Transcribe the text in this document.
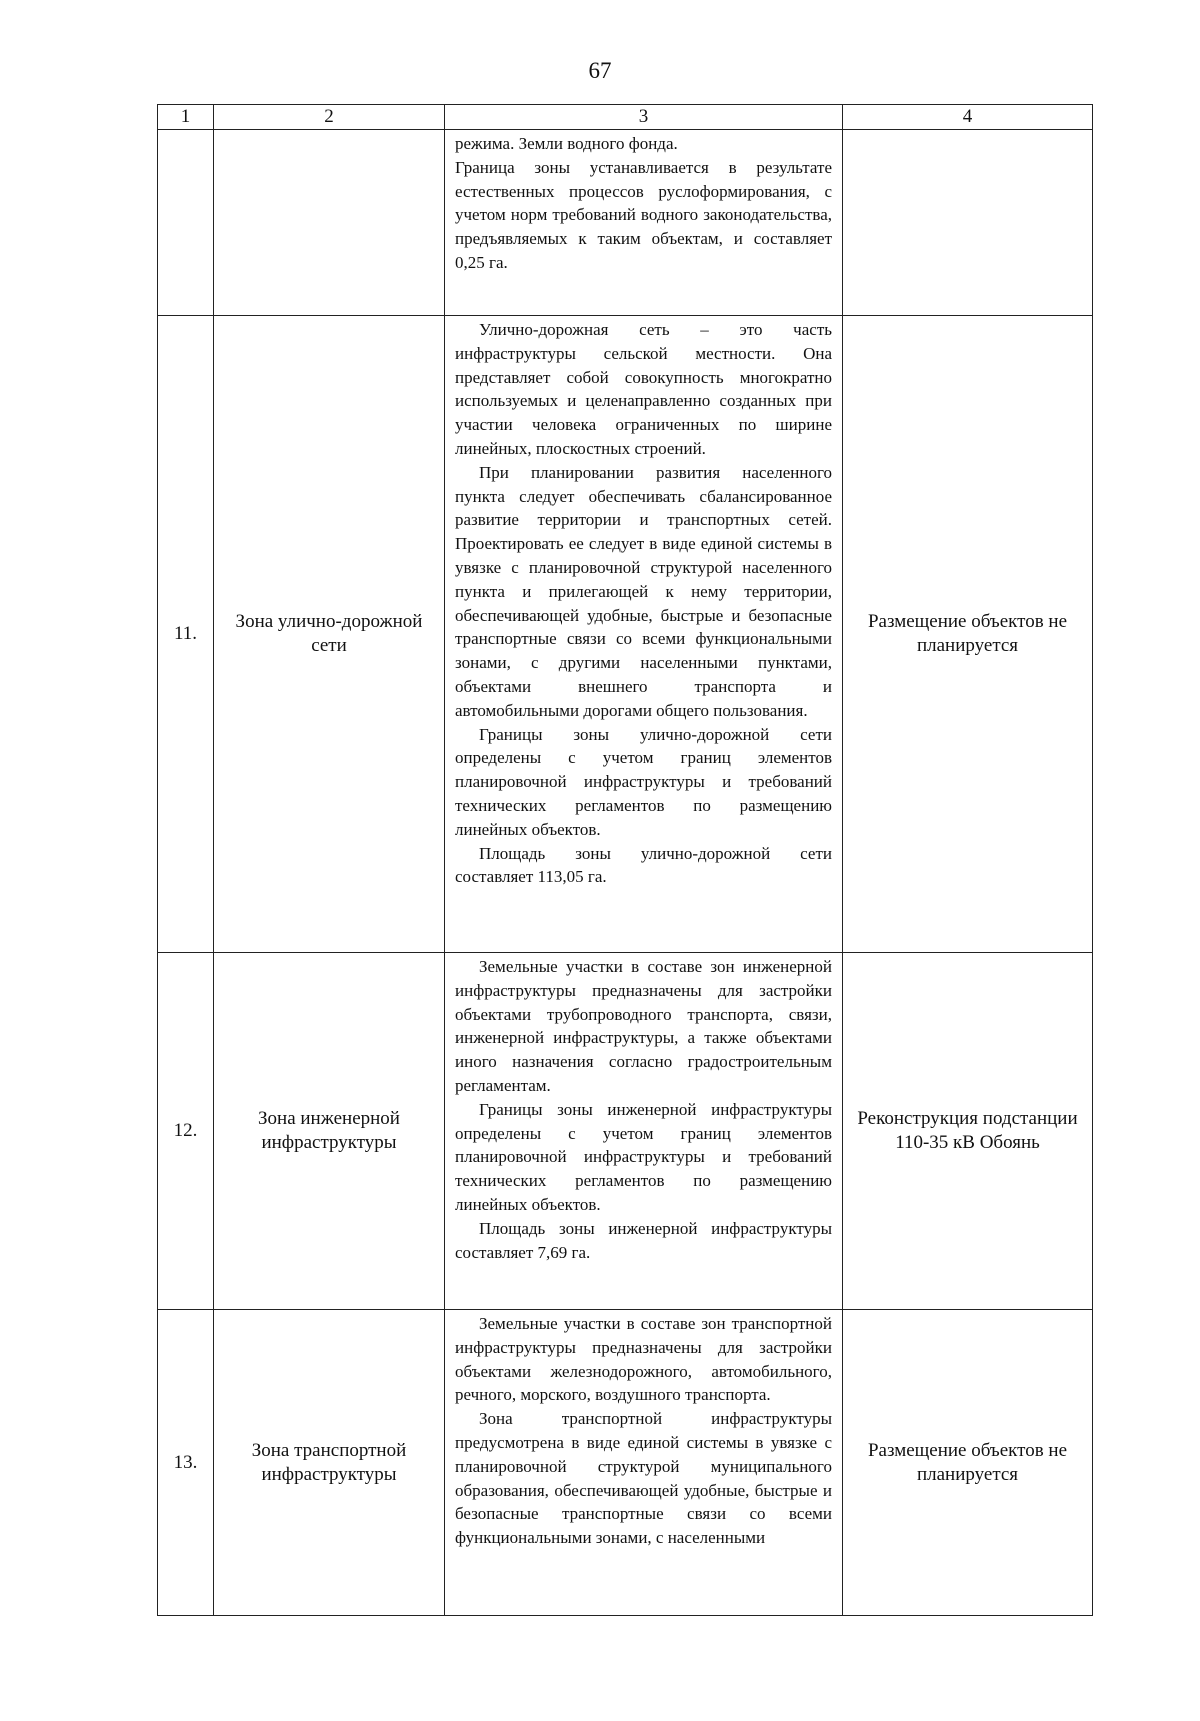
67
1	2	3	4

		режима. Земли водного фонда.

Граница зоны устанавливается в результате естественных процессов руслоформирования, с учетом норм требований водного законодательства, предъявляемых к таким объектам, и составляет 0,25 га.	

11.	Зона улично-дорожной сети	Улично-дорожная сеть – это часть инфраструктуры сельской местности. Она представляет собой совокупность многократно используемых и целенаправленно созданных при участии человека ограниченных по ширине линейных, плоскостных строений.

При планировании развития населенного пункта следует обеспечивать сбалансированное развитие территории и транспортных сетей. Проектировать ее следует в виде единой системы в увязке с планировочной структурой населенного пункта и прилегающей к нему территории, обеспечивающей удобные, быстрые и безопасные транспортные связи со всеми функциональными зонами, с другими населенными пунктами, объектами внешнего транспорта и автомобильными дорогами общего пользования.

Границы зоны улично-дорожной сети определены с учетом границ элементов планировочной инфраструктуры и требований технических регламентов по размещению линейных объектов.

Площадь зоны улично-дорожной сети составляет 113,05 га.	Размещение объектов не планируется
12.	Зона инженерной инфраструктуры	Земельные участки в составе зон инженерной инфраструктуры предназначены для застройки объектами трубопроводного транспорта, связи, инженерной инфраструктуры, а также объектами иного назначения согласно градостроительным регламентам.

Границы зоны инженерной инфраструктуры определены с учетом границ элементов планировочной инфраструктуры и требований технических регламентов по размещению линейных объектов.

Площадь зоны инженерной инфраструктуры составляет 7,69 га.	Реконструкция подстанции 110-35 кВ Обоянь
13.	Зона транспортной инфраструктуры	Земельные участки в составе зон транспортной инфраструктуры предназначены для застройки объектами железнодорожного, автомобильного, речного, морского, воздушного транспорта.

Зона транспортной инфраструктуры предусмотрена в виде единой системы в увязке с планировочной структурой муниципального образования, обеспечивающей удобные, быстрые и безопасные транспортные связи со всеми функциональными зонами, с населенными	Размещение объектов не планируется
